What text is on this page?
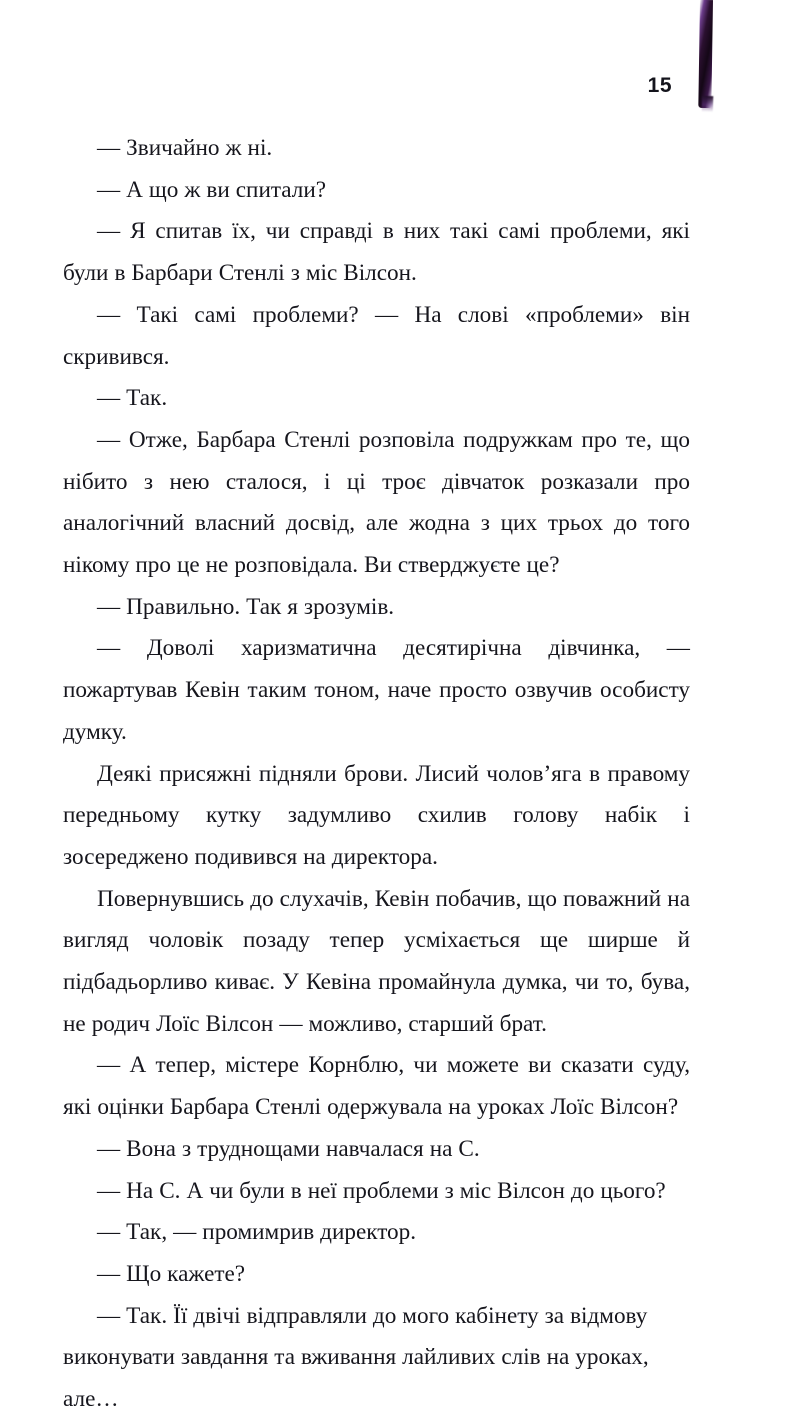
15

— Звичайно ж ні.

— А що ж ви спитали?

— Я спитав їх, чи справді в них такі самі проблеми, які були в Барбари Стенлі з міс Вілсон.

— Такі самі проблеми? — На слові «проблеми» він скривився.

— Так.

— Отже, Барбара Стенлі розповіла подружкам про те, що нібито з нею сталося, і ці троє дівчаток розказали про аналогічний власний досвід, але жодна з цих трьох до того нікому про це не розповідала. Ви стверджуєте це?

— Правильно. Так я зрозумів.

— Доволі харизматична десятирічна дівчинка, — пожартував Кевін таким тоном, наче просто озвучив особисту думку.

Деякі присяжні підняли брови. Лисий чолов’яга в правому передньому кутку задумливо схилив голову набік і зосереджено подивився на директора.

Повернувшись до слухачів, Кевін побачив, що поважний на вигляд чоловік позаду тепер усміхається ще ширше й підбадьорливо киває. У Кевіна промайнула думка, чи то, бува, не родич Лоїс Вілсон — можливо, старший брат.

— А тепер, містере Корнблю, чи можете ви сказати суду, які оцінки Барбара Стенлі одержувала на уроках Лоїс Вілсон?

— Вона з труднощами навчалася на С.

— На С. А чи були в неї проблеми з міс Вілсон до цього?

— Так, — промимрив директор.

— Що кажете?

— Так. Її двічі відправляли до мого кабінету за відмову виконувати завдання та вживання лайливих слів на уроках, але…
